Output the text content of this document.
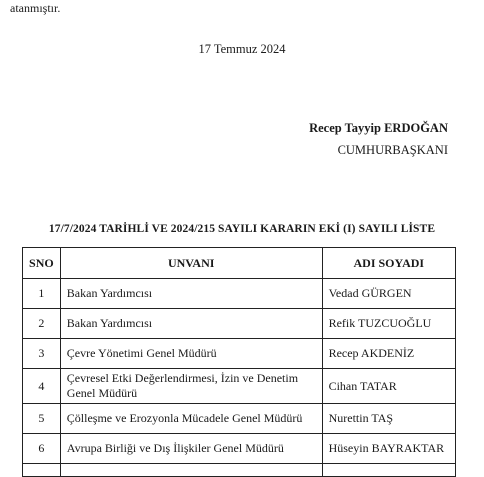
atanmıştır.
17 Temmuz 2024
Recep Tayyip ERDOĞAN
CUMHURBAŞKANI
17/7/2024 TARİHLİ VE 2024/215 SAYILI KARARIN EKİ (I) SAYILI LİSTE
SNO	UNVANI	ADI SOYADI
1	Bakan Yardımcısı	Vedad GÜRGEN
2	Bakan Yardımcısı	Refik TUZCUOĞLU
3	Çevre Yönetimi Genel Müdürü	Recep AKDENİZ
4	Çevresel Etki Değerlendirmesi, İzin ve Denetim Genel Müdürü	Cihan TATAR
5	Çölleşme ve Erozyonla Mücadele Genel Müdürü	Nurettin TAŞ
6	Avrupa Birliği ve Dış İlişkiler Genel Müdürü	Hüseyin BAYRAKTAR
